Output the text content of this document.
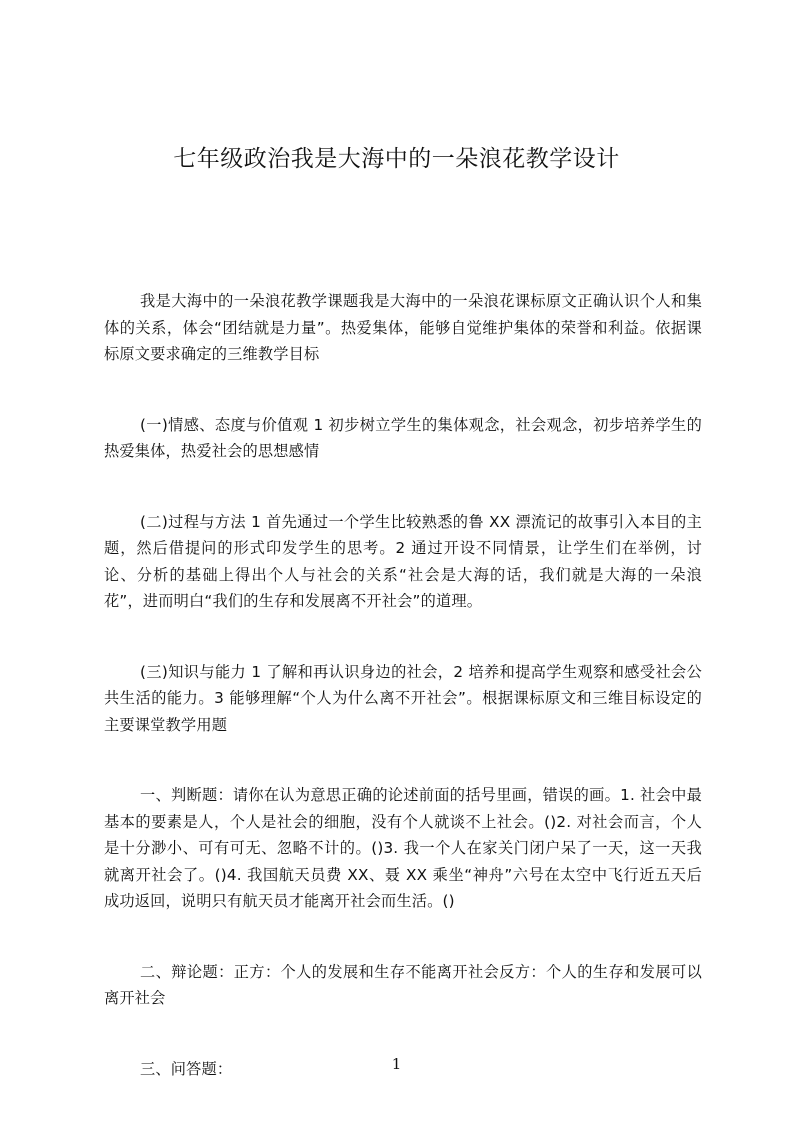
七年级政治我是大海中的一朵浪花教学设计

我是大海中的一朵浪花教学课题我是大海中的一朵浪花课标原文正确认识个人和集体的关系，体会“团结就是力量”。热爱集体，能够自觉维护集体的荣誉和利益。依据课标原文要求确定的三维教学目标

(一)情感、态度与价值观 1 初步树立学生的集体观念，社会观念，初步培养学生的热爱集体，热爱社会的思想感情

(二)过程与方法 1 首先通过一个学生比较熟悉的鲁 XX 漂流记的故事引入本目的主题，然后借提问的形式印发学生的思考。2 通过开设不同情景，让学生们在举例，讨论、分析的基础上得出个人与社会的关系“社会是大海的话，我们就是大海的一朵浪花”，进而明白“我们的生存和发展离不开社会”的道理。

(三)知识与能力 1 了解和再认识身边的社会，2 培养和提高学生观察和感受社会公共生活的能力。3 能够理解“个人为什么离不开社会”。根据课标原文和三维目标设定的主要课堂教学用题

一、判断题：请你在认为意思正确的论述前面的括号里画，错误的画。1. 社会中最基本的要素是人，个人是社会的细胞，没有个人就谈不上社会。()2. 对社会而言，个人是十分渺小、可有可无、忽略不计的。()3. 我一个人在家关门闭户呆了一天，这一天我就离开社会了。()4. 我国航天员费 XX、聂 XX 乘坐“神舟”六号在太空中飞行近五天后成功返回，说明只有航天员才能离开社会而生活。()

二、辩论题：正方：个人的发展和生存不能离开社会反方：个人的生存和发展可以离开社会

三、问答题：	1
